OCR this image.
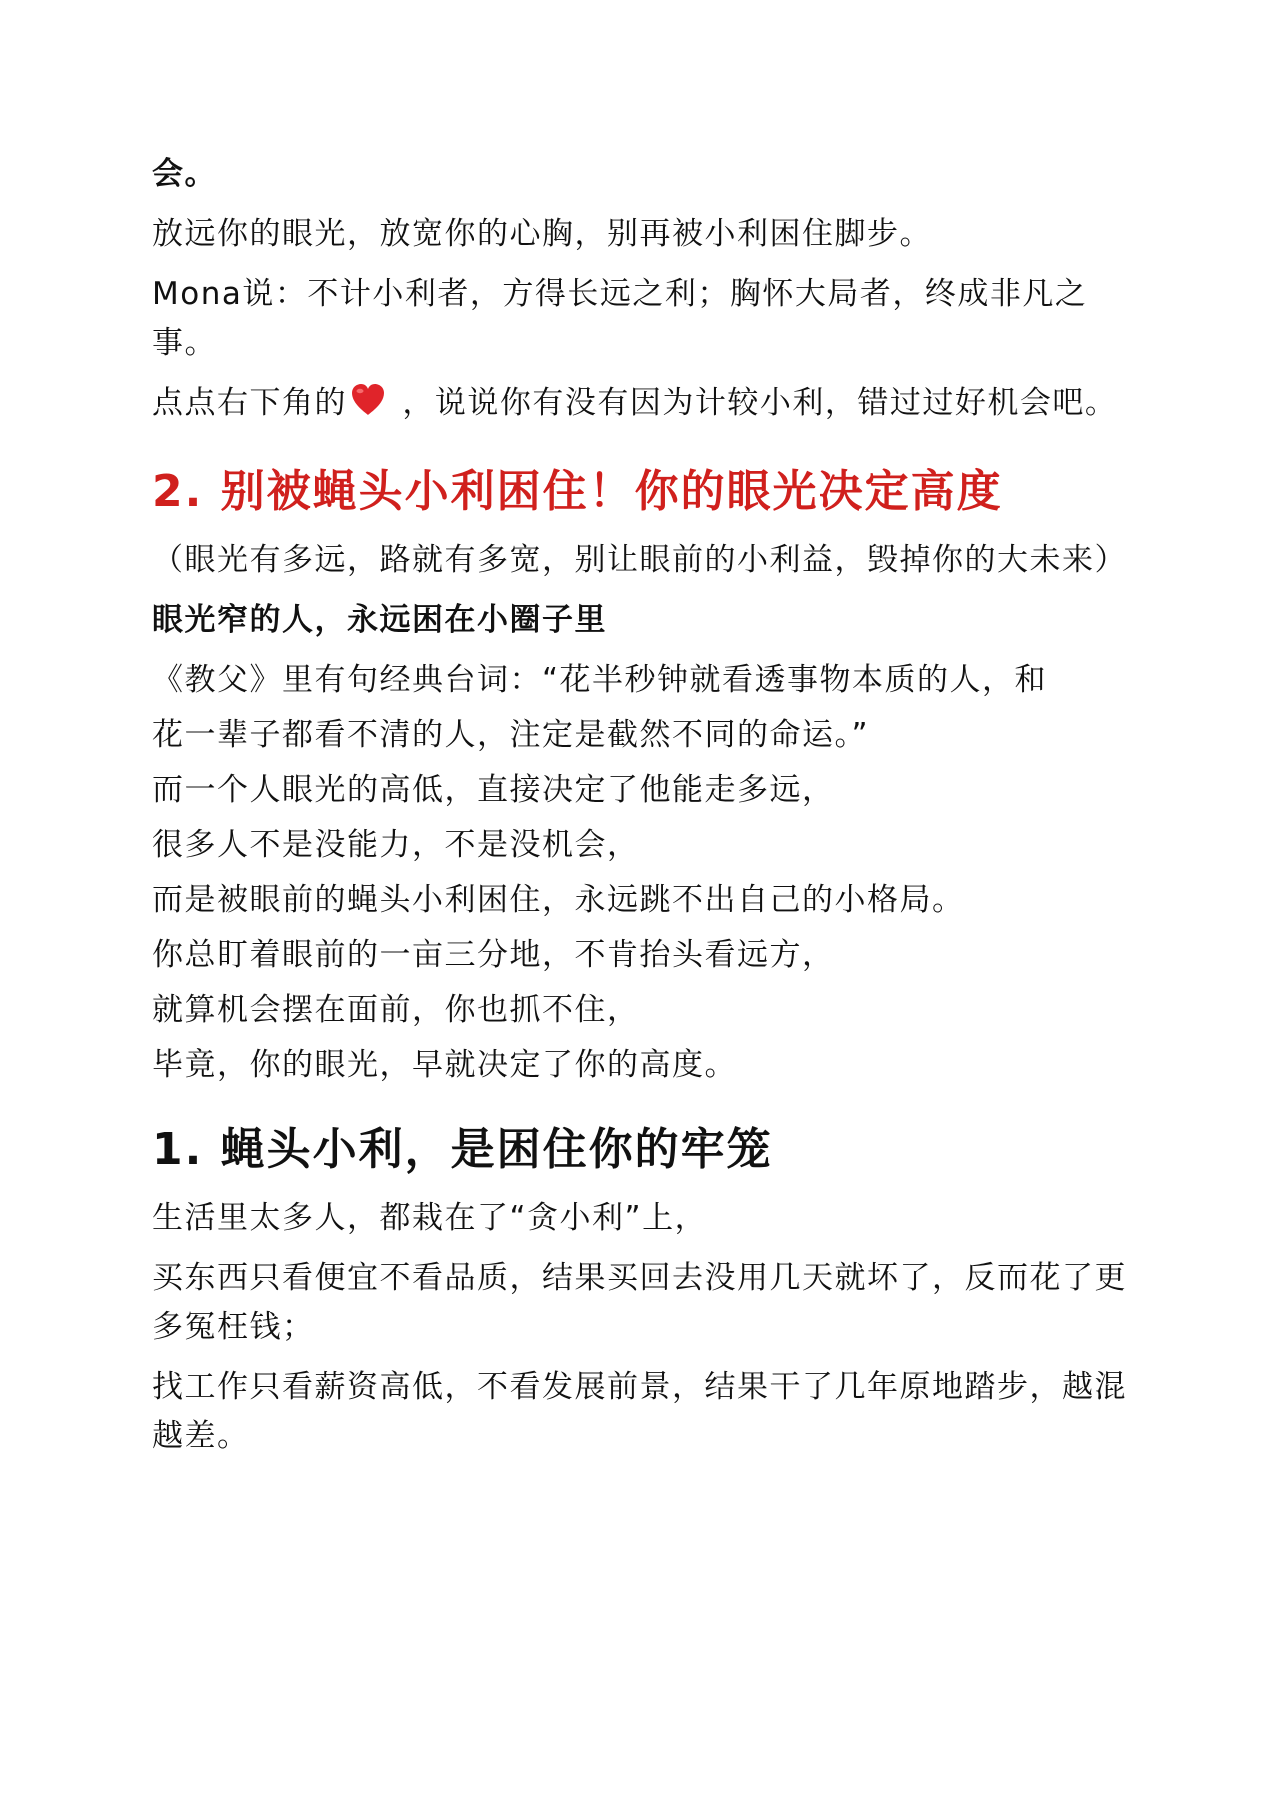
会。
放远你的眼光，放宽你的心胸，别再被小利困住脚步。
Mona说：不计小利者，方得长远之利；胸怀大局者，终成非凡之事。
点点右下角的 ，说说你有没有因为计较小利，错过过好机会吧。
2. 别被蝇头小利困住！你的眼光决定高度
（眼光有多远，路就有多宽，别让眼前的小利益，毁掉你的大未来）
眼光窄的人，永远困在小圈子里
《教父》里有句经典台词：“花半秒钟就看透事物本质的人，和
花一辈子都看不清的人，注定是截然不同的命运。”
而一个人眼光的高低，直接决定了他能走多远，
很多人不是没能力，不是没机会，
而是被眼前的蝇头小利困住，永远跳不出自己的小格局。
你总盯着眼前的一亩三分地，不肯抬头看远方，
就算机会摆在面前，你也抓不住，
毕竟，你的眼光，早就决定了你的高度。
1. 蝇头小利，是困住你的牢笼
生活里太多人，都栽在了“贪小利”上，
买东西只看便宜不看品质，结果买回去没用几天就坏了，反而花了更多冤枉钱；
找工作只看薪资高低，不看发展前景，结果干了几年原地踏步，越混越差。
